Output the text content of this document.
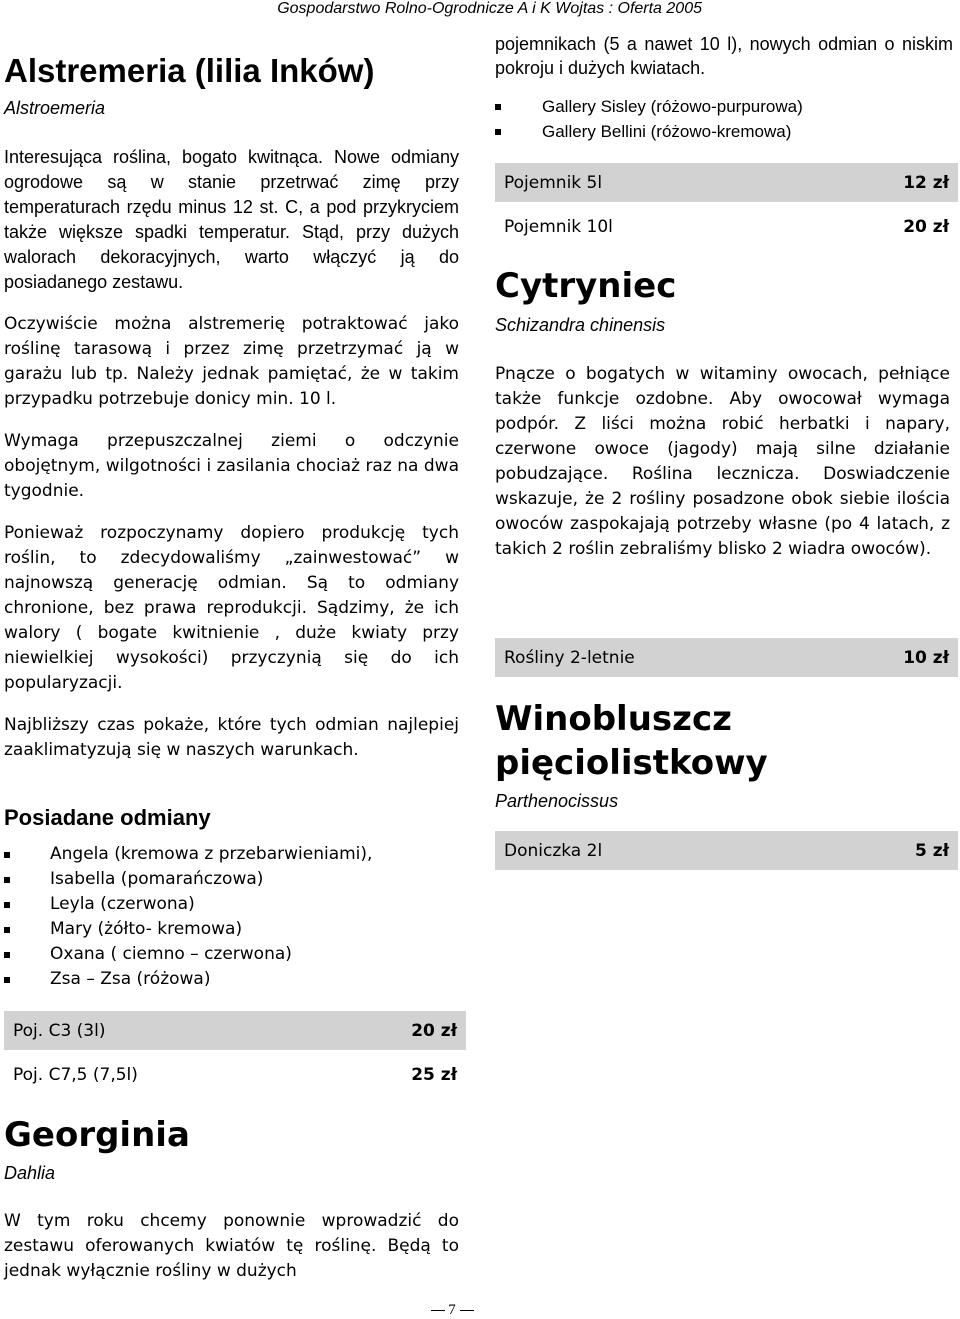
Gospodarstwo Rolno-Ogrodnicze A i K Wojtas : Oferta 2005
Alstremeria (lilia Inków)
Alstroemeria

Interesująca roślina, bogato kwitnąca. Nowe odmiany ogrodowe są w stanie przetrwać zimę przy temperaturach rzędu minus 12 st. C, a pod przykryciem także większe spadki temperatur. Stąd, przy dużych walorach dekoracyjnych, warto włączyć ją do posiadanego zestawu.

Oczywiście można alstremerię potraktować jako roślinę tarasową i przez zimę przetrzymać ją w garażu lub tp. Należy jednak pamiętać, że w takim przypadku potrzebuje donicy min. 10 l.

Wymaga przepuszczalnej ziemi o odczynie obojętnym, wilgotności i zasilania chociaż raz na dwa tygodnie.

Ponieważ rozpoczynamy dopiero produkcję tych roślin, to zdecydowaliśmy „zainwestować” w najnowszą generację odmian. Są to odmiany chronione, bez prawa reprodukcji. Sądzimy, że ich walory ( bogate kwitnienie , duże kwiaty przy niewielkiej wysokości) przyczynią się do ich popularyzacji.

Najbliższy czas pokaże, które tych odmian najlepiej zaaklimatyzują się w naszych warunkach.

Posiadane odmiany
Angela (kremowa z przebarwieniami),
Isabella (pomarańczowa)
Leyla (czerwona)
Mary (żółto- kremowa)
Oxana ( ciemno – czerwona)
Zsa – Zsa (różowa)
Poj. C3 (3l)	20 zł
Poj. C7,5 (7,5l)	25 zł
Georginia
Dahlia

W tym roku chcemy ponownie wprowadzić do zestawu oferowanych kwiatów tę roślinę. Będą to jednak wyłącznie rośliny w dużych

pojemnikach (5 a nawet 10 l), nowych odmian o niskim pokroju i dużych kwiatach.

Gallery Sisley (różowo-purpurowa)
Gallery Bellini (różowo-kremowa)
Pojemnik 5l	12 zł
Pojemnik 10l	20 zł
Cytryniec
Schizandra chinensis

Pnącze o bogatych w witaminy owocach, pełniące także funkcje ozdobne. Aby owocował wymaga podpór. Z liści można robić herbatki i napary, czerwone owoce (jagody) mają silne działanie pobudzające. Roślina lecznicza. Doswiadczenie wskazuje, że 2 rośliny posadzone obok siebie ilościa owoców zaspokajają potrzeby własne (po 4 latach, z takich 2 roślin zebraliśmy blisko 2 wiadra owoców).

Rośliny 2-letnie	10 zł
Winobluszcz pięciolistkowy
Parthenocissus
Doniczka 2l	5 zł
7
